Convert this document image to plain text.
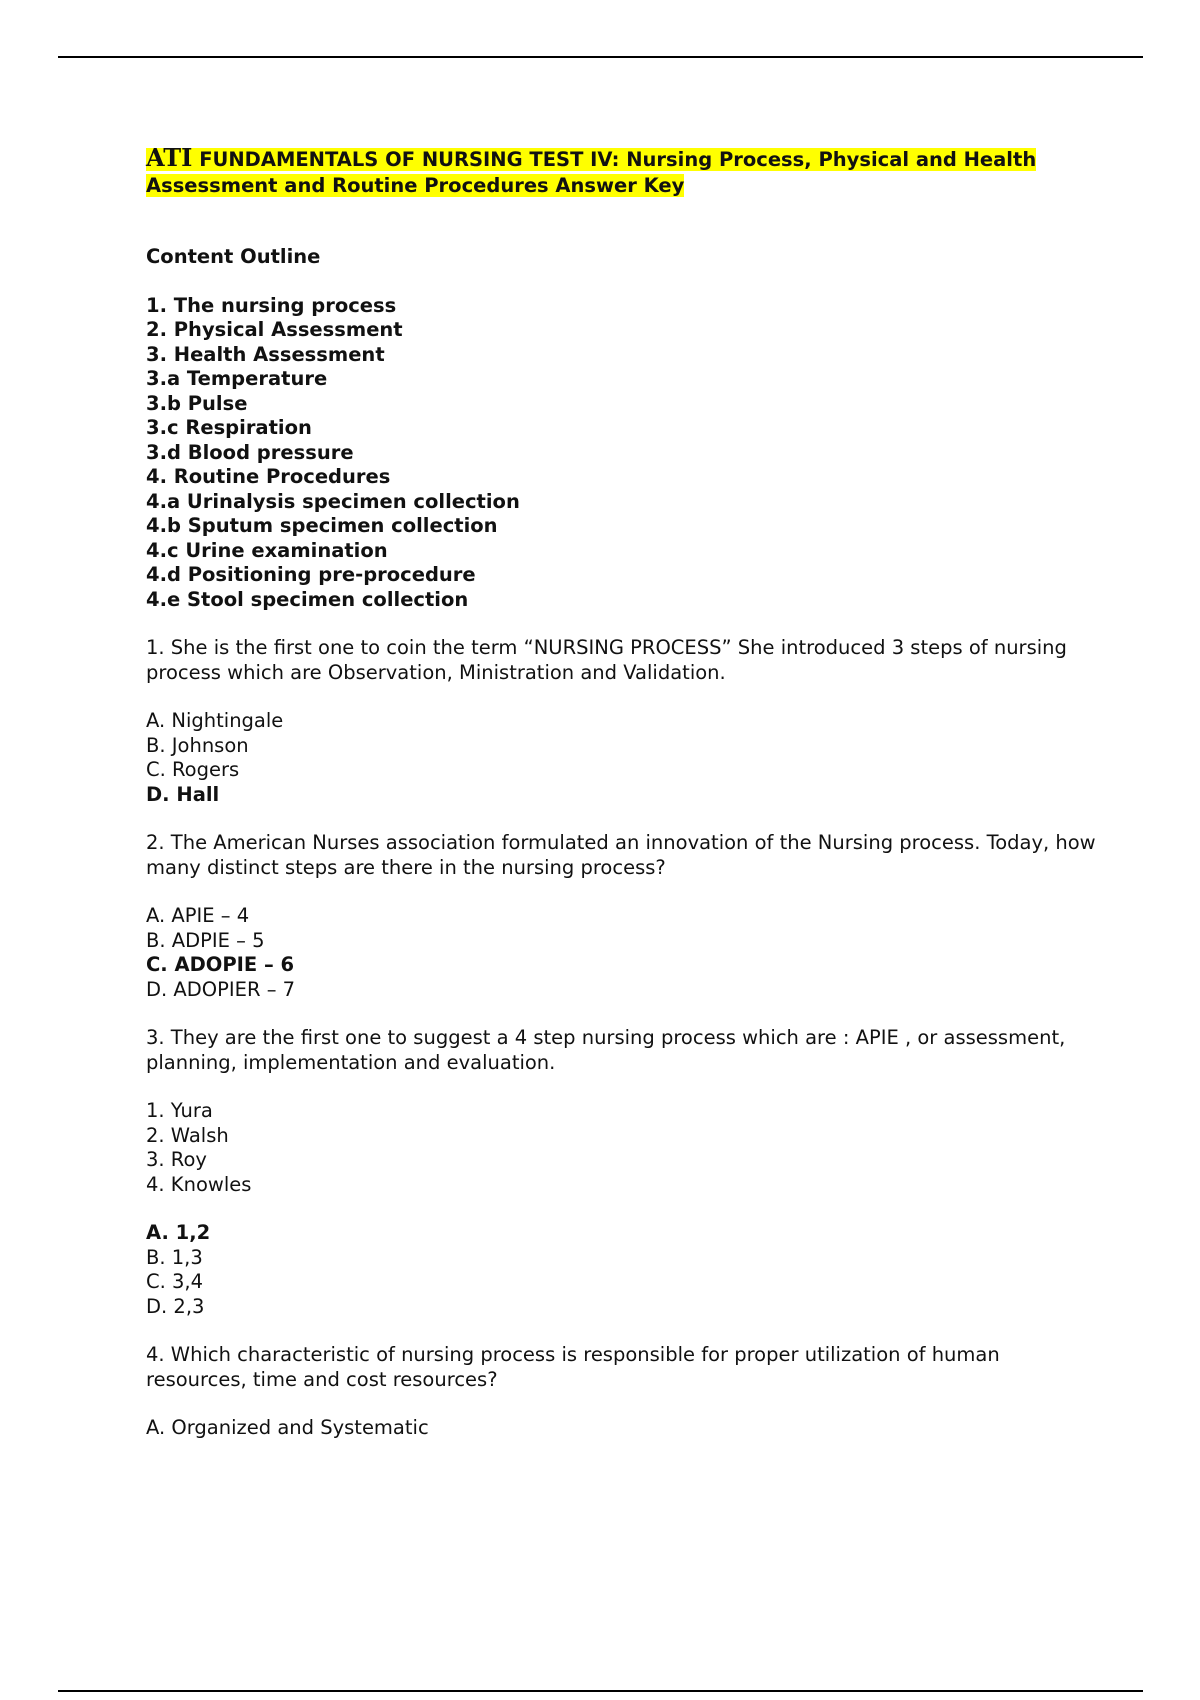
ATI FUNDAMENTALS OF NURSING TEST IV: Nursing Process, Physical and Health Assessment and Routine Procedures Answer Key

Content Outline

1. The nursing process
2. Physical Assessment
3. Health Assessment
3.a Temperature
3.b Pulse
3.c Respiration
3.d Blood pressure
4. Routine Procedures
4.a Urinalysis specimen collection
4.b Sputum specimen collection
4.c Urine examination
4.d Positioning pre-procedure
4.e Stool specimen collection

1. She is the first one to coin the term “NURSING PROCESS” She introduced 3 steps of nursing process which are Observation, Ministration and Validation.

A. Nightingale
B. Johnson
C. Rogers
D. Hall

2. The American Nurses association formulated an innovation of the Nursing process. Today, how many distinct steps are there in the nursing process?

A. APIE – 4
B. ADPIE – 5
C. ADOPIE – 6
D. ADOPIER – 7

3. They are the first one to suggest a 4 step nursing process which are : APIE , or assessment, planning, implementation and evaluation.

1. Yura
2. Walsh
3. Roy
4. Knowles
A. 1,2
B. 1,3
C. 3,4
D. 2,3

4. Which characteristic of nursing process is responsible for proper utilization of human resources, time and cost resources?

A. Organized and Systematic
